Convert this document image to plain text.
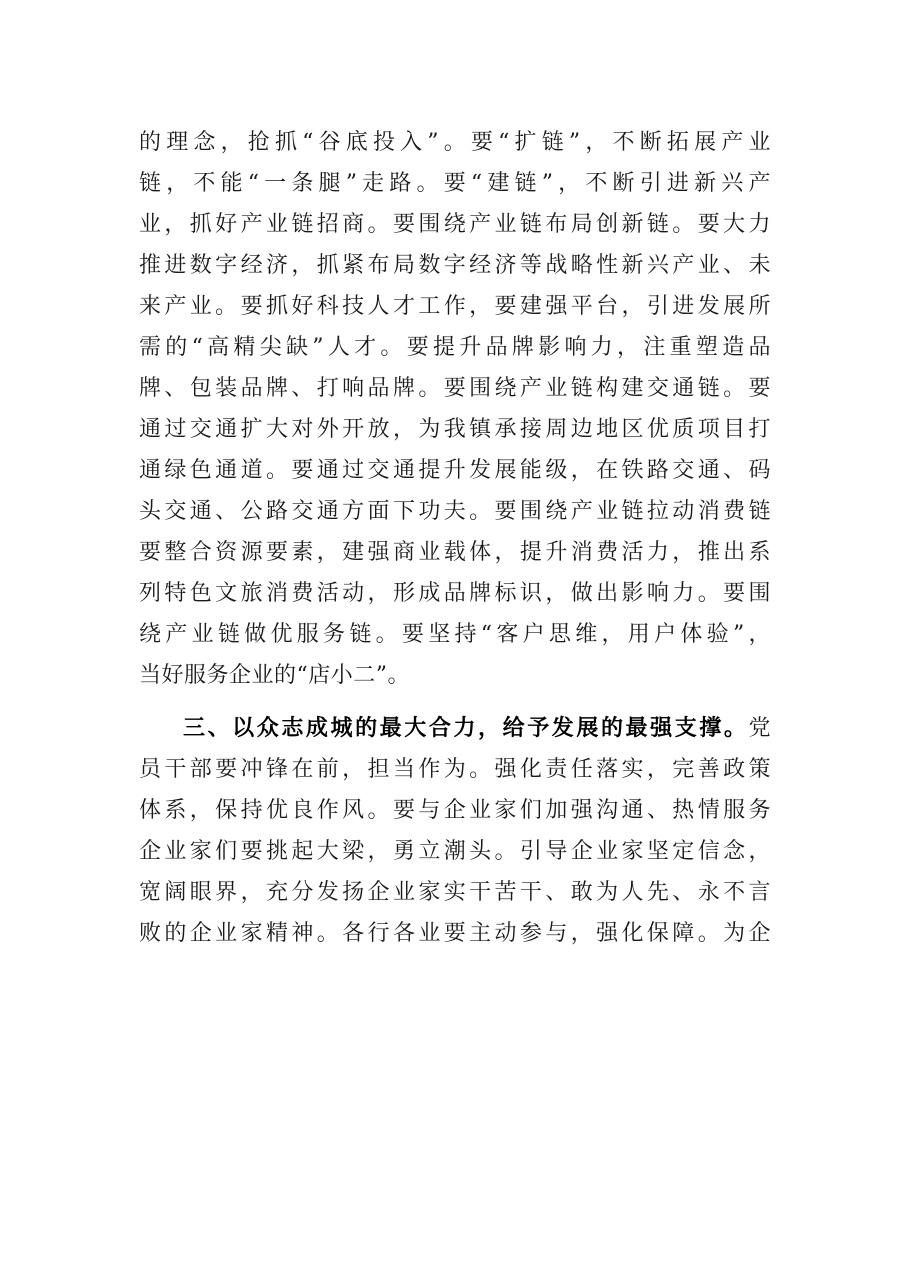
的理念，抢抓“谷底投入”。要“扩链”，不断拓展产业
链，不能“一条腿”走路。要“建链”，不断引进新兴产
业，抓好产业链招商。要围绕产业链布局创新链。要大力
推进数字经济，抓紧布局数字经济等战略性新兴产业、未
来产业。要抓好科技人才工作，要建强平台，引进发展所
需的“高精尖缺”人才。要提升品牌影响力，注重塑造品
牌、包装品牌、打响品牌。要围绕产业链构建交通链。要
通过交通扩大对外开放，为我镇承接周边地区优质项目打
通绿色通道。要通过交通提升发展能级，在铁路交通、码
头交通、公路交通方面下功夫。要围绕产业链拉动消费链
要整合资源要素，建强商业载体，提升消费活力，推出系
列特色文旅消费活动，形成品牌标识，做出影响力。要围
绕产业链做优服务链。要坚持“客户思维，用户体验”，
当好服务企业的“店小二”。
三、以众志成城的最大合力，给予发展的最强支撑。党
员干部要冲锋在前，担当作为。强化责任落实，完善政策
体系，保持优良作风。要与企业家们加强沟通、热情服务
企业家们要挑起大梁，勇立潮头。引导企业家坚定信念，
宽阔眼界，充分发扬企业家实干苦干、敢为人先、永不言
败的企业家精神。各行各业要主动参与，强化保障。为企
